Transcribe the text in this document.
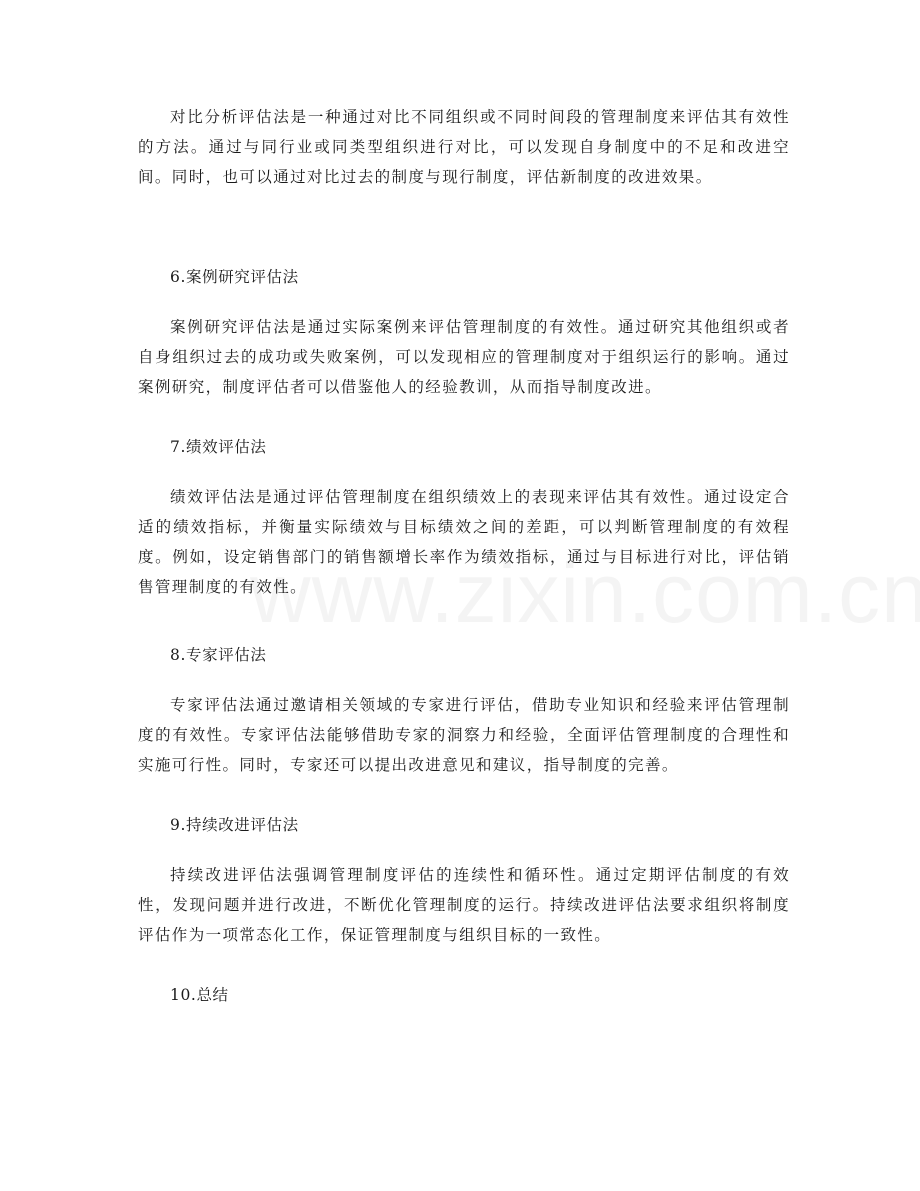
对比分析评估法是一种通过对比不同组织或不同时间段的管理制度来评估其有效性的方法。通过与同行业或同类型组织进行对比，可以发现自身制度中的不足和改进空间。同时，也可以通过对比过去的制度与现行制度，评估新制度的改进效果。

6.案例研究评估法

案例研究评估法是通过实际案例来评估管理制度的有效性。通过研究其他组织或者自身组织过去的成功或失败案例，可以发现相应的管理制度对于组织运行的影响。通过案例研究，制度评估者可以借鉴他人的经验教训，从而指导制度改进。

7.绩效评估法

绩效评估法是通过评估管理制度在组织绩效上的表现来评估其有效性。通过设定合适的绩效指标，并衡量实际绩效与目标绩效之间的差距，可以判断管理制度的有效程度。例如，设定销售部门的销售额增长率作为绩效指标，通过与目标进行对比，评估销售管理制度的有效性。

8.专家评估法

专家评估法通过邀请相关领域的专家进行评估，借助专业知识和经验来评估管理制度的有效性。专家评估法能够借助专家的洞察力和经验，全面评估管理制度的合理性和实施可行性。同时，专家还可以提出改进意见和建议，指导制度的完善。

9.持续改进评估法

持续改进评估法强调管理制度评估的连续性和循环性。通过定期评估制度的有效性，发现问题并进行改进，不断优化管理制度的运行。持续改进评估法要求组织将制度评估作为一项常态化工作，保证管理制度与组织目标的一致性。

10.总结
